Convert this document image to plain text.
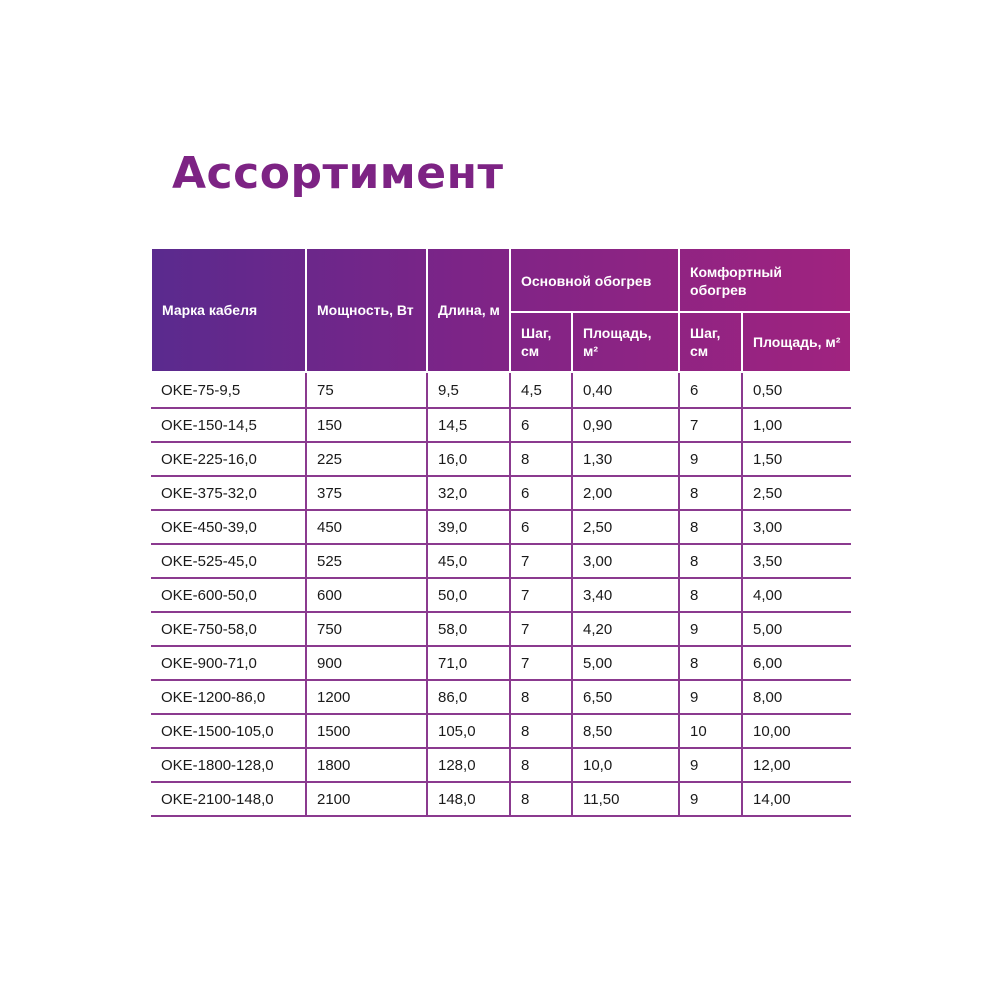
Ассортимент
Марка кабеля	Мощность, Вт	Длина, м	Основной обогрев		Комфортный обогрев	
			Шаг, см	Площадь, м²	Шаг, см	Площадь, м²
OKE-75-9,5	75	9,5	4,5	0,40	6	0,50
OKE-150-14,5	150	14,5	6	0,90	7	1,00
OKE-225-16,0	225	16,0	8	1,30	9	1,50
OKE-375-32,0	375	32,0	6	2,00	8	2,50
OKE-450-39,0	450	39,0	6	2,50	8	3,00
OKE-525-45,0	525	45,0	7	3,00	8	3,50
OKE-600-50,0	600	50,0	7	3,40	8	4,00
OKE-750-58,0	750	58,0	7	4,20	9	5,00
OKE-900-71,0	900	71,0	7	5,00	8	6,00
OKE-1200-86,0	1200	86,0	8	6,50	9	8,00
OKE-1500-105,0	1500	105,0	8	8,50	10	10,00
OKE-1800-128,0	1800	128,0	8	10,0	9	12,00
OKE-2100-148,0	2100	148,0	8	11,50	9	14,00
